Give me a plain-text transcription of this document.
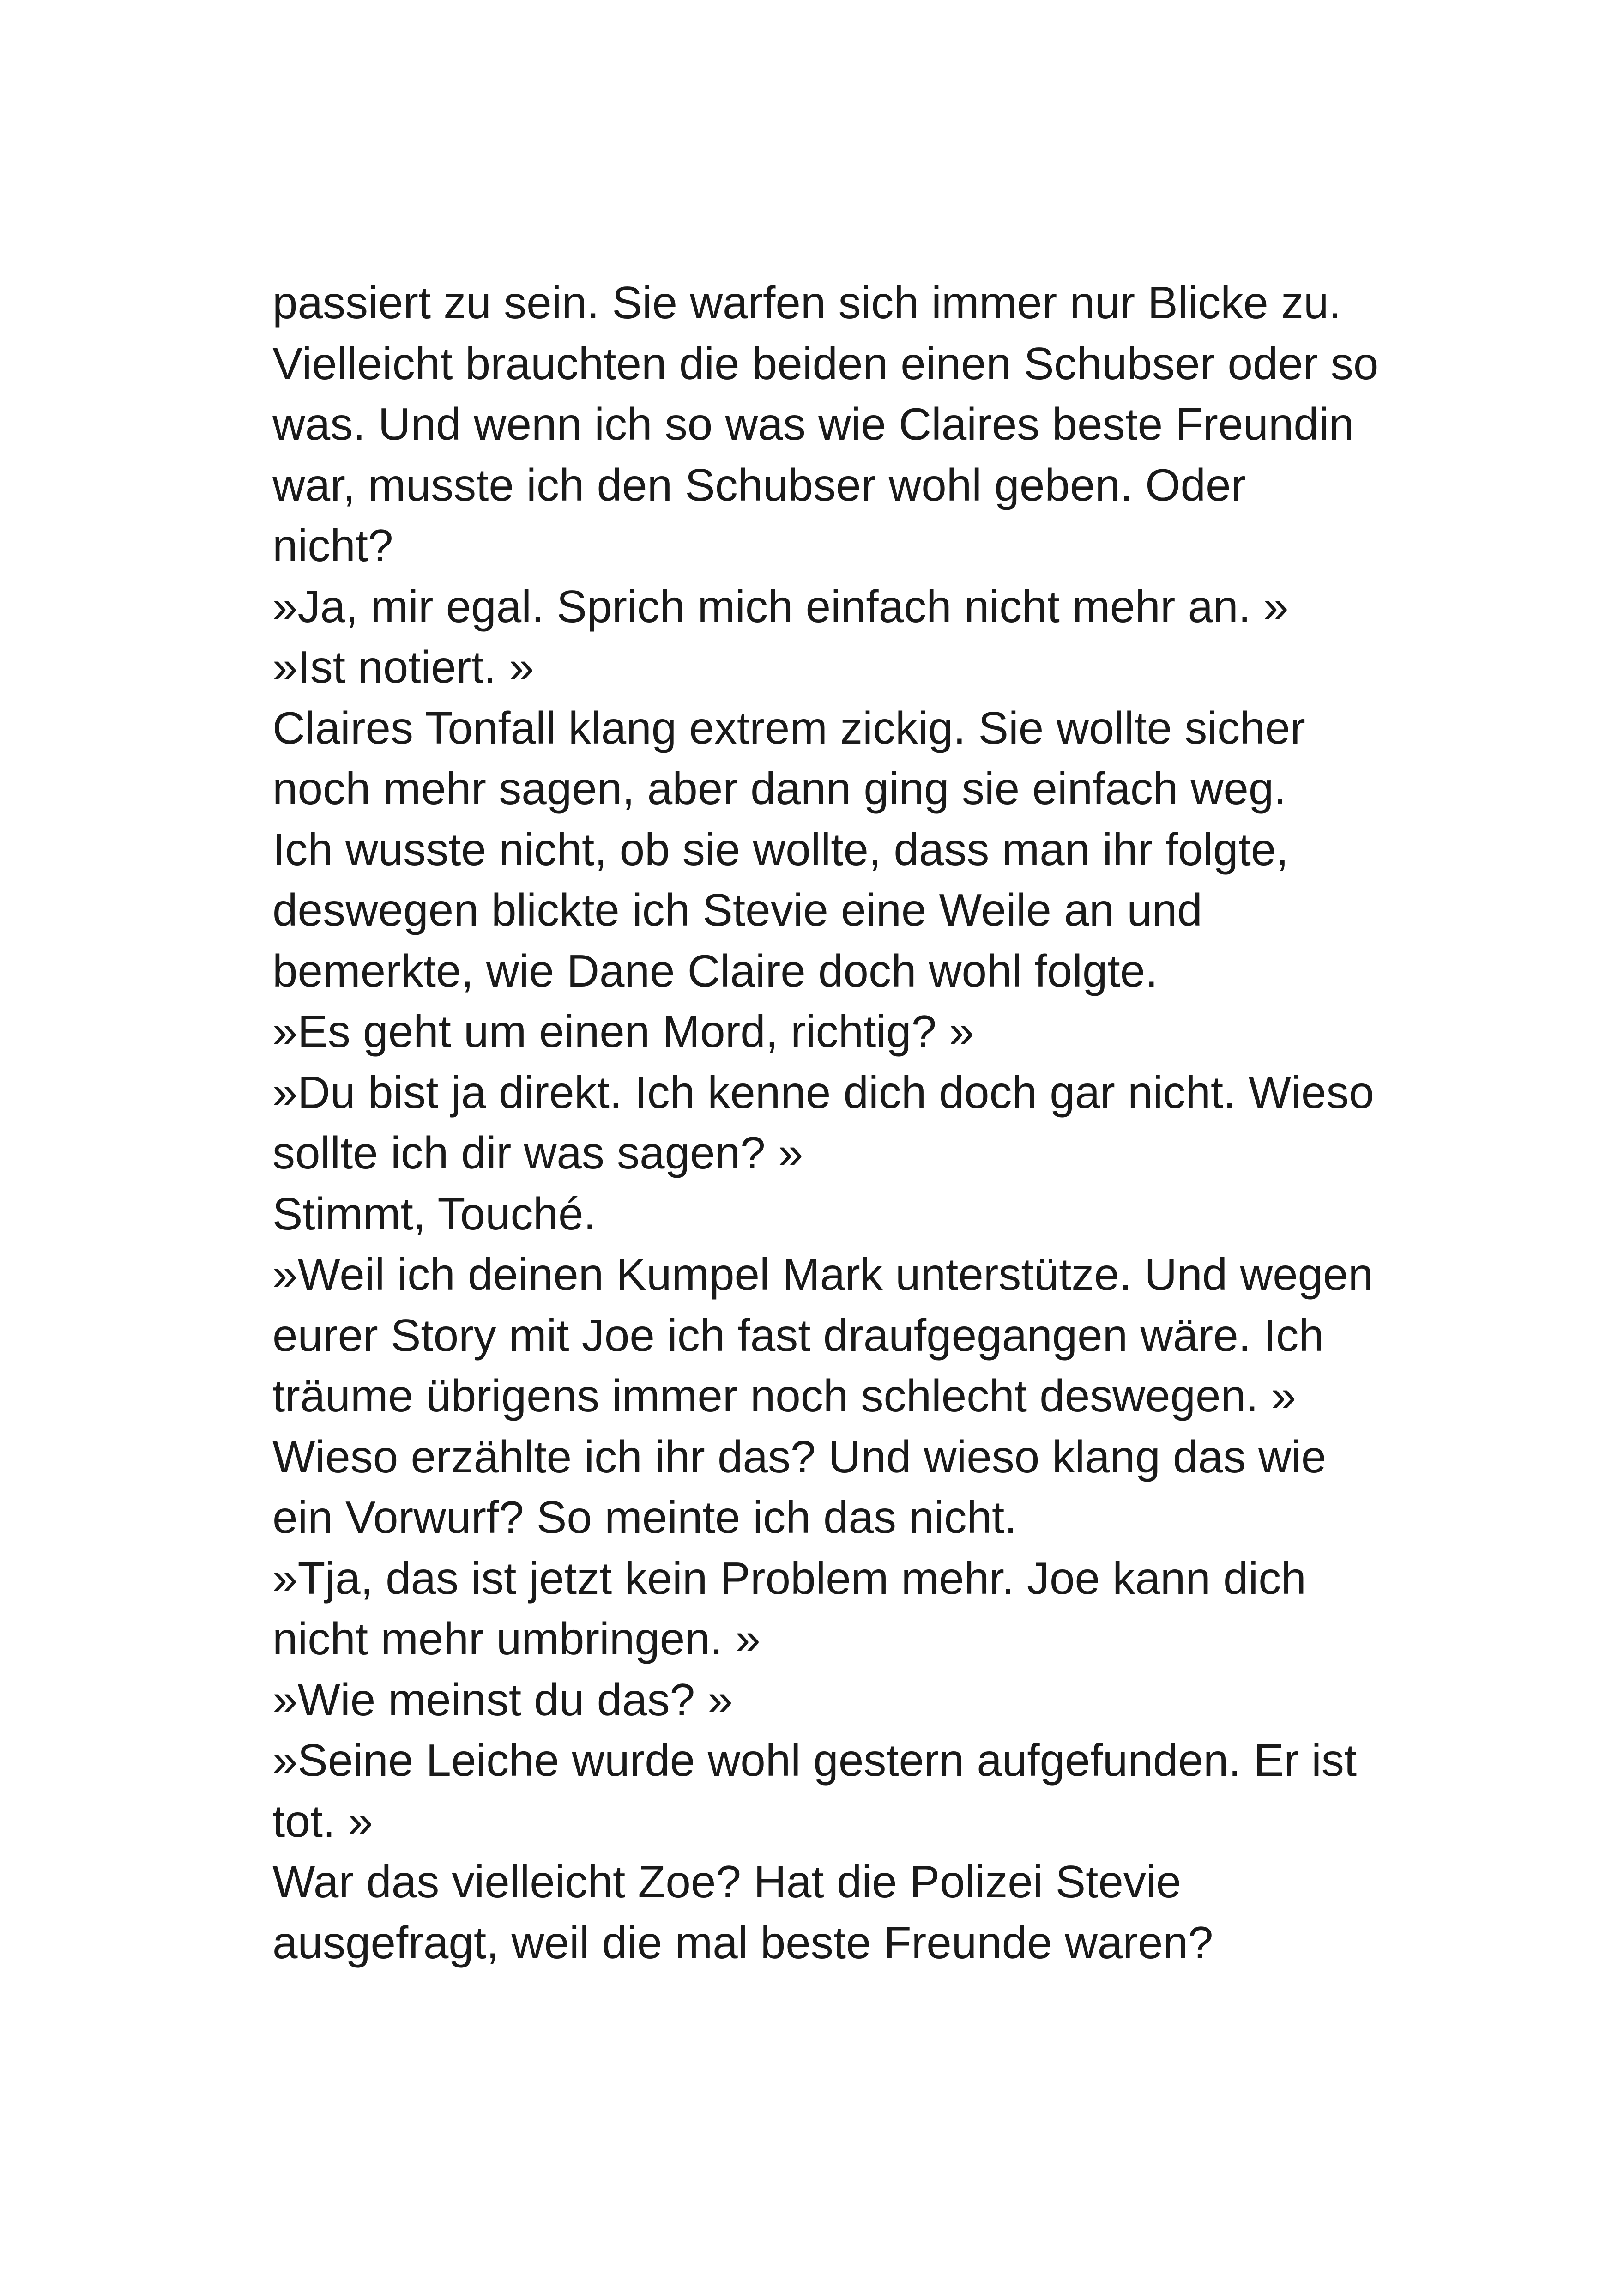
passiert zu sein. Sie warfen sich immer nur Blicke zu.
Vielleicht brauchten die beiden einen Schubser oder so
was. Und wenn ich so was wie Claires beste Freundin
war, musste ich den Schubser wohl geben. Oder
nicht?
»Ja, mir egal. Sprich mich einfach nicht mehr an. »
»Ist notiert. »
Claires Tonfall klang extrem zickig. Sie wollte sicher
noch mehr sagen, aber dann ging sie einfach weg.
Ich wusste nicht, ob sie wollte, dass man ihr folgte,
deswegen blickte ich Stevie eine Weile an und
bemerkte, wie Dane Claire doch wohl folgte.
»Es geht um einen Mord, richtig? »
»Du bist ja direkt. Ich kenne dich doch gar nicht. Wieso
sollte ich dir was sagen? »
Stimmt, Touché.
»Weil ich deinen Kumpel Mark unterstütze. Und wegen
eurer Story mit Joe ich fast draufgegangen wäre. Ich
träume übrigens immer noch schlecht deswegen. »
Wieso erzählte ich ihr das? Und wieso klang das wie
ein Vorwurf? So meinte ich das nicht.
»Tja, das ist jetzt kein Problem mehr. Joe kann dich
nicht mehr umbringen. »
»Wie meinst du das? »
»Seine Leiche wurde wohl gestern aufgefunden. Er ist
tot. »
War das vielleicht Zoe? Hat die Polizei Stevie
ausgefragt, weil die mal beste Freunde waren?
